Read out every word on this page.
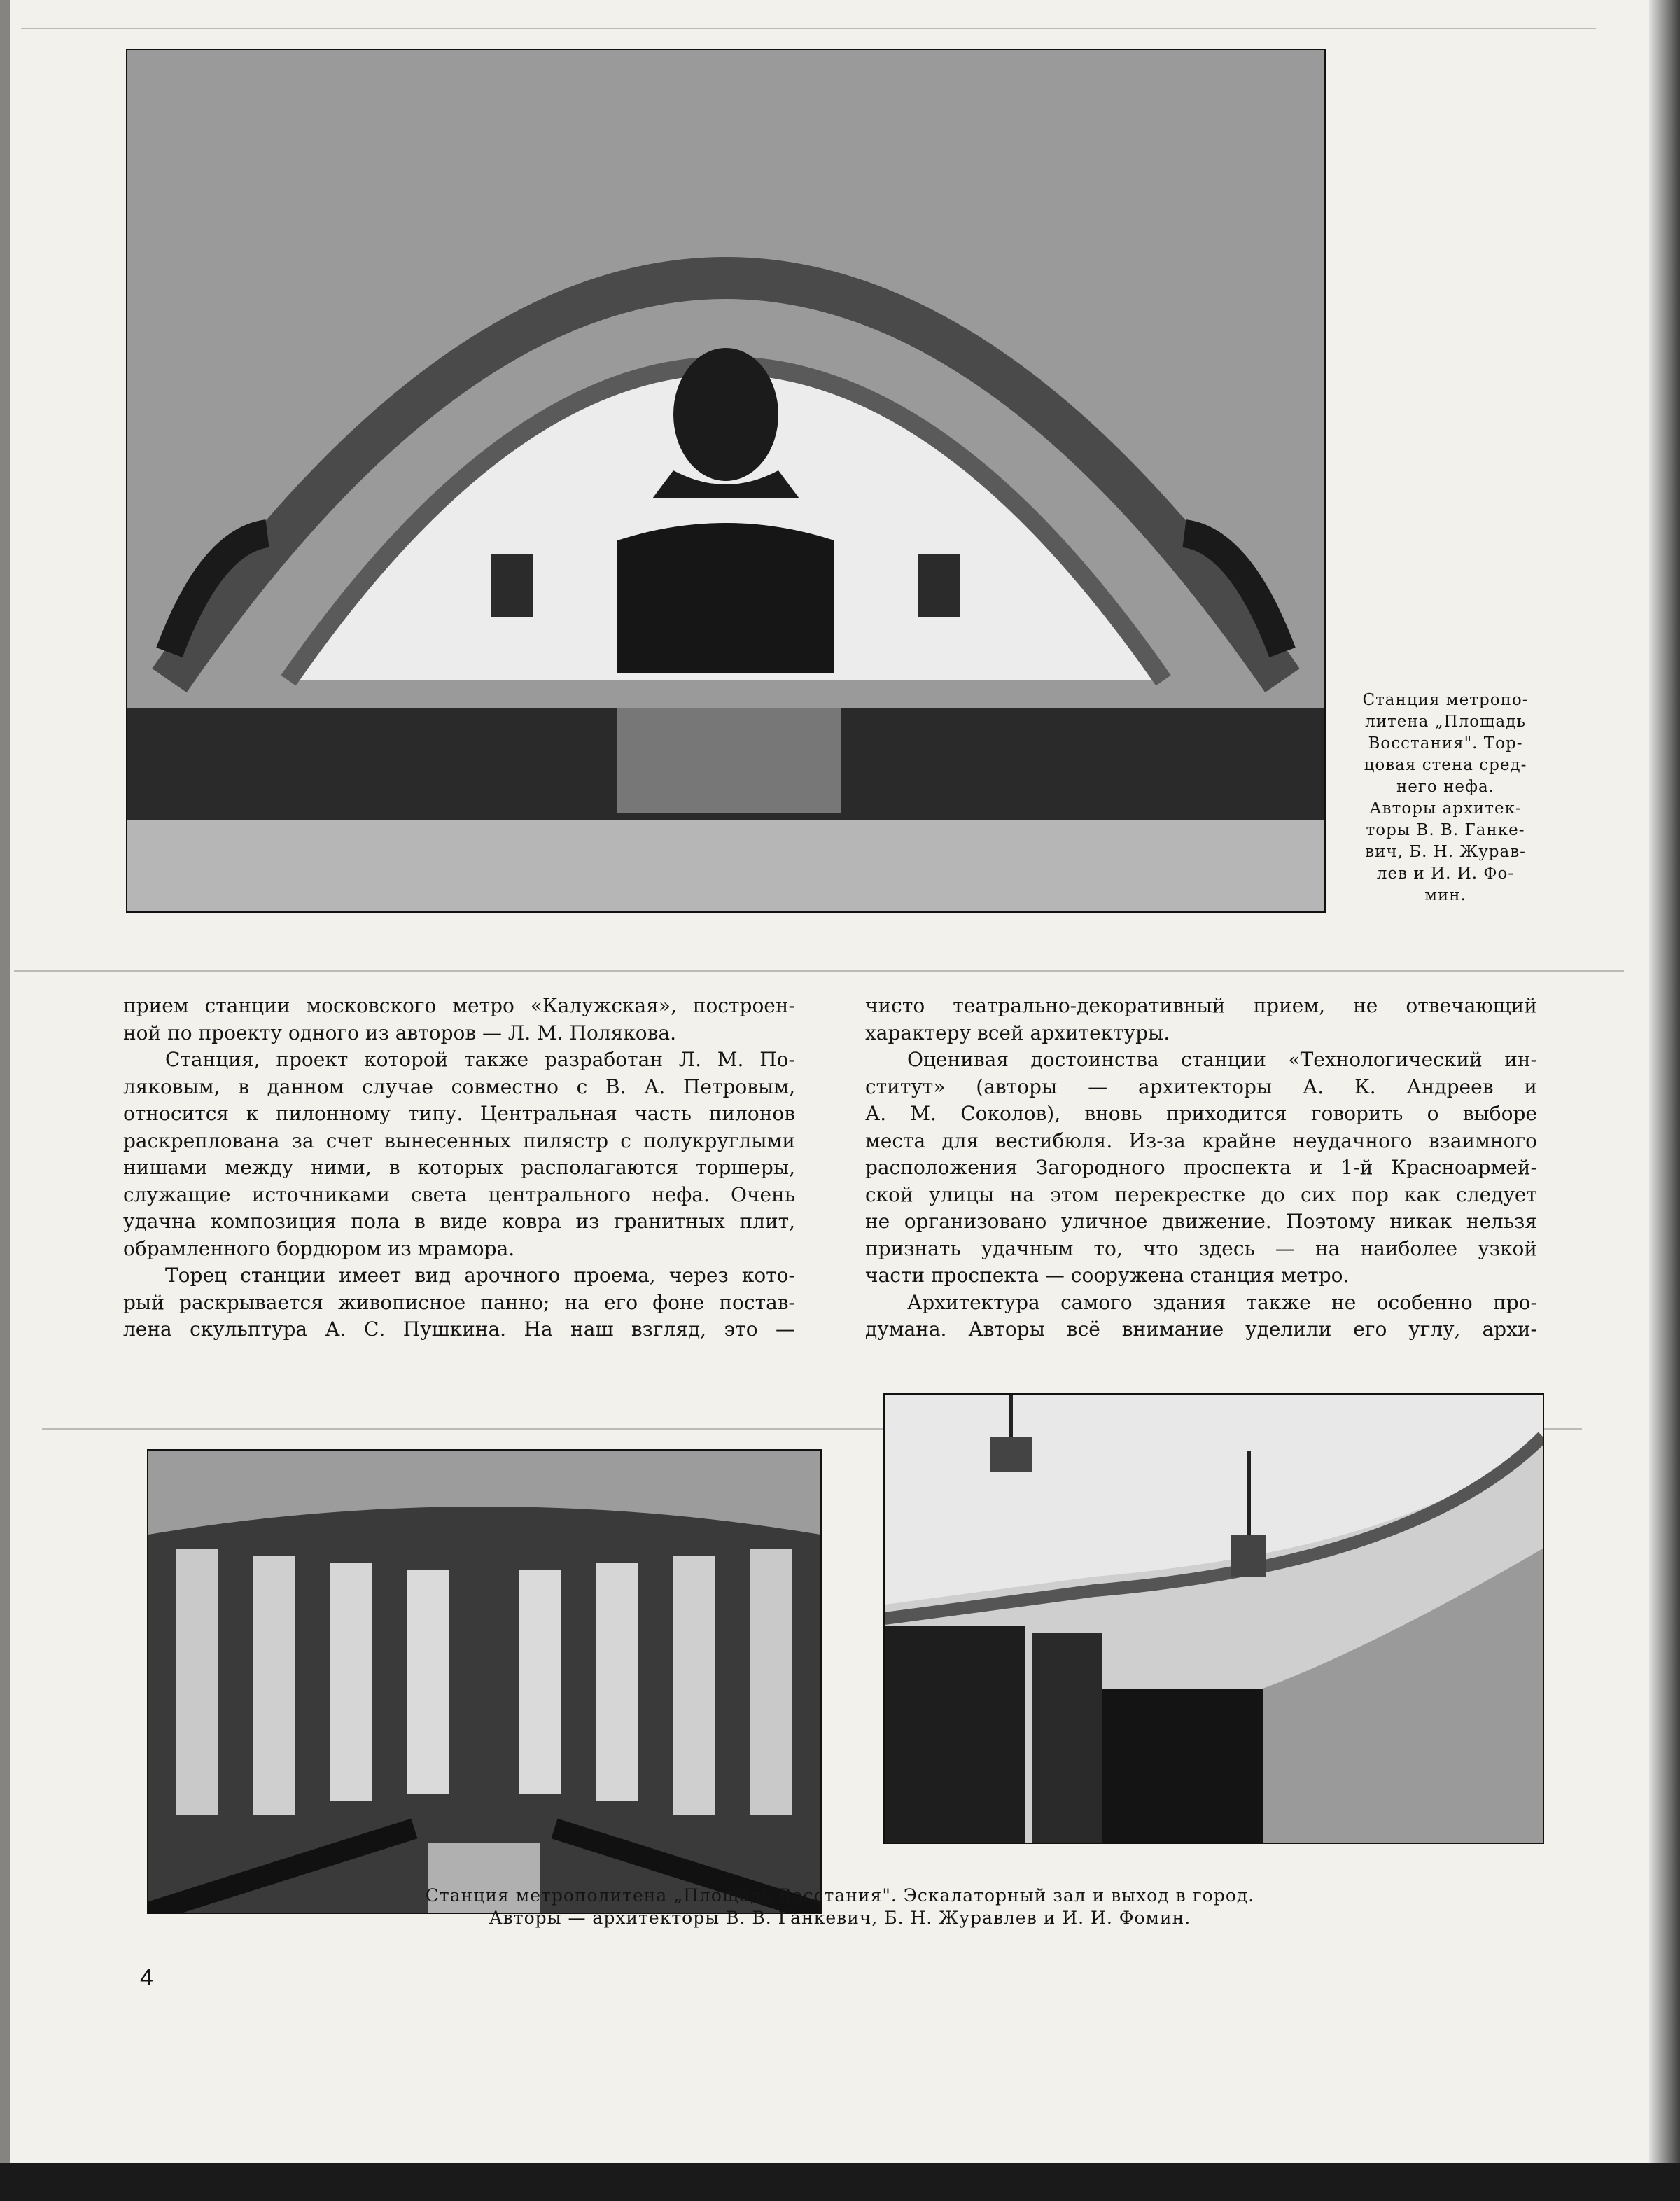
Станция метропо-
литена „Площадь
Восстания". Тор-
цовая стена сред-
него нефа.
Авторы архитек-
торы В. В. Ганке-
вич, Б. Н. Журав-
лев и И. И. Фо-
мин.
прием станции московского метро «Калужская», построен-
ной по проекту одного из авторов — Л. М. Полякова.
Станция, проект которой также разработан Л. М. По-
ляковым, в данном случае совместно с В. А. Петровым,
относится к пилонному типу. Центральная часть пилонов
раскреплована за счет вынесенных пилястр с полукруглыми
нишами между ними, в которых располагаются торшеры,
служащие источниками света центрального нефа. Очень
удачна композиция пола в виде ковра из гранитных плит,
обрамленного бордюром из мрамора.
Торец станции имеет вид арочного проема, через кото-
рый раскрывается живописное панно; на его фоне постав-
лена скульптура А. С. Пушкина. На наш взгляд, это —
чисто театрально-декоративный прием, не отвечающий
характеру всей архитектуры.
Оценивая достоинства станции «Технологический ин-
ститут» (авторы — архитекторы А. К. Андреев и
А. М. Соколов), вновь приходится говорить о выборе
места для вестибюля. Из-за крайне неудачного взаимного
расположения Загородного проспекта и 1-й Красноармей-
ской улицы на этом перекрестке до сих пор как следует
не организовано уличное движение. Поэтому никак нельзя
признать удачным то, что здесь — на наиболее узкой
части проспекта — сооружена станция метро.
Архитектура самого здания также не особенно про-
думана. Авторы всё внимание уделили его углу, архи-
Станция метрополитена „Площадь Восстания". Эскалаторный зал и выход в город.
Авторы — архитекторы В. В. Ганкевич, Б. Н. Журавлев и И. И. Фомин.
4
